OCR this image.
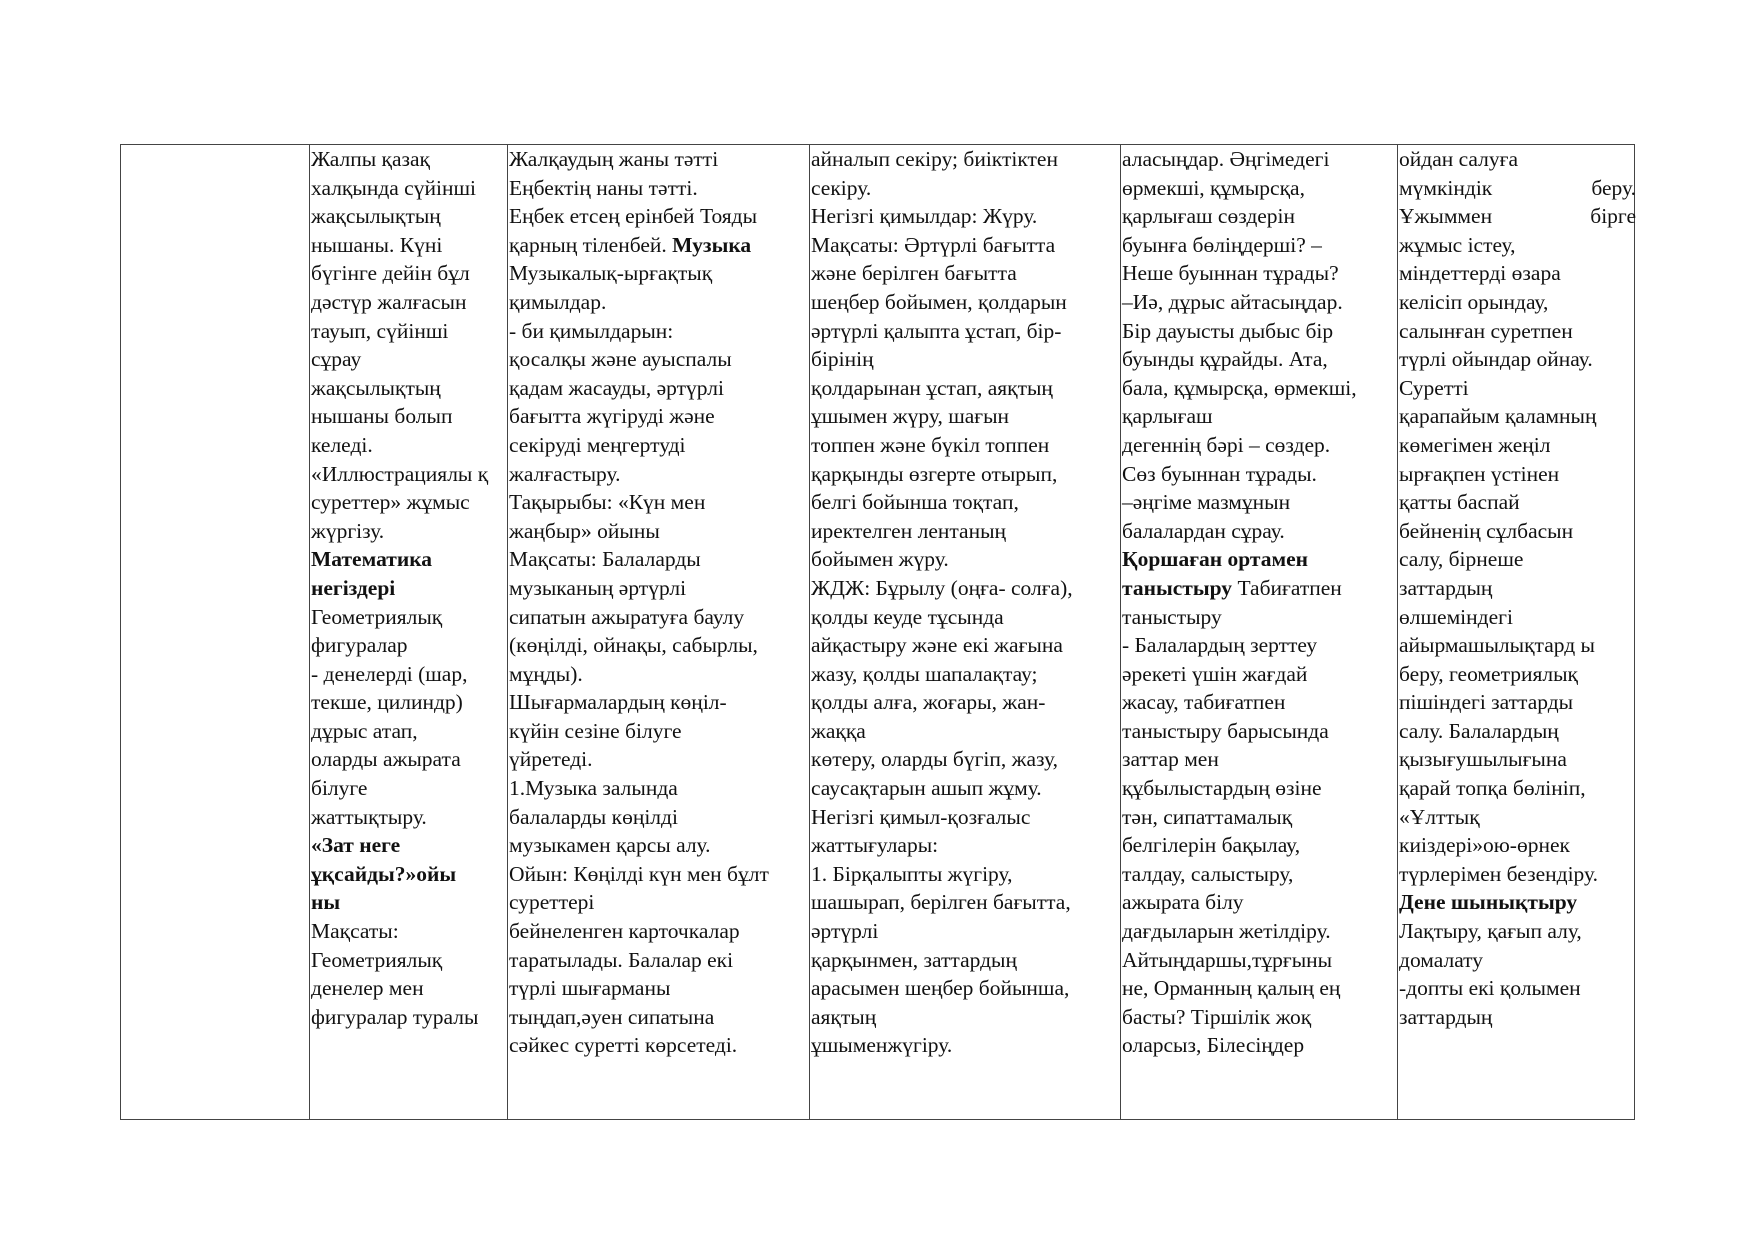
Жалпы қазақ
халқында сүйінші
жақсылықтың
нышаны. Күні
бүгінге дейін бұл
дәстүр жалғасын
тауып, сүйінші
сұрау
жақсылықтың
нышаны болып
келеді.
«Иллюстрациялы қ
суреттер» жұмыс
жүргізу.
Математика
негіздері
Геометриялық
фигуралар
- денелерді (шар,
текше, цилиндр)
дұрыс атап,
оларды ажырата
білуге
жаттықтыру.
«Зат неге
ұқсайды?»ойы
ны
Мақсаты:
Геометриялық
денелер мен
фигуралар туралы
Жалқаудың жаны тәтті
Еңбектің наны тәтті.
Еңбек етсең ерінбей Тояды
қарның тіленбей. Музыка
Музыкалық-ырғақтық
қимылдар.
- би қимылдарын:
қосалқы және ауыспалы
қадам жасауды, әртүрлі
бағытта жүгіруді және
секіруді меңгертуді
жалғастыру.
Тақырыбы: «Күн мен
жаңбыр» ойыны
Мақсаты: Балаларды
музыканың әртүрлі
сипатын ажыратуға баулу
(көңілді, ойнақы, сабырлы,
мұңды).
Шығармалардың көңіл-
күйін сезіне білуге
үйретеді.
1.Музыка залында
балаларды көңілді
музыкамен қарсы алу.
Ойын: Көңілді күн мен бұлт
суреттері
бейнеленген карточкалар
таратылады. Балалар екі
түрлі шығарманы
тыңдап,әуен сипатына
сәйкес суретті көрсетеді.
айналып секіру; биіктіктен
секіру.
Негізгі қимылдар: Жүру.
Мақсаты: Әртүрлі бағытта
және берілген бағытта
шеңбер бойымен, қолдарын
әртүрлі қалыпта ұстап, бір-
бірінің
қолдарынан ұстап, аяқтың
ұшымен жүру, шағын
топпен және бүкіл топпен
қарқынды өзгерте отырып,
белгі бойынша тоқтап,
иректелген лентаның
бойымен жүру.
ЖДЖ: Бұрылу (оңға- солға),
қолды кеуде тұсында
айқастыру және екі жағына
жазу, қолды шапалақтау;
қолды алға, жоғары, жан-
жаққа
көтеру, оларды бүгіп, жазу,
саусақтарын ашып жұму.
Негізгі қимыл-қозғалыс
жаттығулары:
1. Бірқалыпты жүгіру,
шашырап, берілген бағытта,
әртүрлі
қарқынмен, заттардың
арасымен шеңбер бойынша,
аяқтың
ұшыменжүгіру.
аласыңдар. Әңгімедегі
өрмекші, құмырсқа,
қарлығаш сөздерін
буынға бөліңдерші? –
Неше буыннан тұрады?
–Иә, дұрыс айтасыңдар.
Бір дауысты дыбыс бір
буынды құрайды. Ата,
бала, құмырсқа, өрмекші,
қарлығаш
дегеннің бәрі – сөздер.
Сөз буыннан тұрады.
–әңгіме мазмұнын
балалардан сұрау.
Қоршаған ортамен
таныстыру Табиғатпен
таныстыру
- Балалардың зерттеу
әрекеті үшін жағдай
жасау, табиғатпен
таныстыру барысында
заттар мен
құбылыстардың өзіне
тән, сипаттамалық
белгілерін бақылау,
талдау, салыстыру,
ажырата білу
дағдыларын жетілдіру.
Айтыңдаршы,тұрғыны
не, Орманның қалың ең
басты? Тіршілік жоқ
оларсыз, Білесіңдер
ойдан салуға
мүмкіндік	беру.
Ұжыммен	бірге
жұмыс істеу,
міндеттерді өзара
келісіп орындау,
салынған суретпен
түрлі ойындар ойнау.
Суретті
қарапайым қаламның
көмегімен жеңіл
ырғақпен үстінен
қатты баспай
бейненің сұлбасын
салу, бірнеше
заттардың
өлшеміндегі
айырмашылықтард ы
беру, геометриялық
пішіндегі заттарды
салу. Балалардың
қызығушылығына
қарай топқа бөлініп,
«Ұлттық
киіздері»ою-өрнек
түрлерімен безендіру.
Дене шынықтыру
Лақтыру, қағып алу,
домалату
-допты екі қолымен
заттардың
